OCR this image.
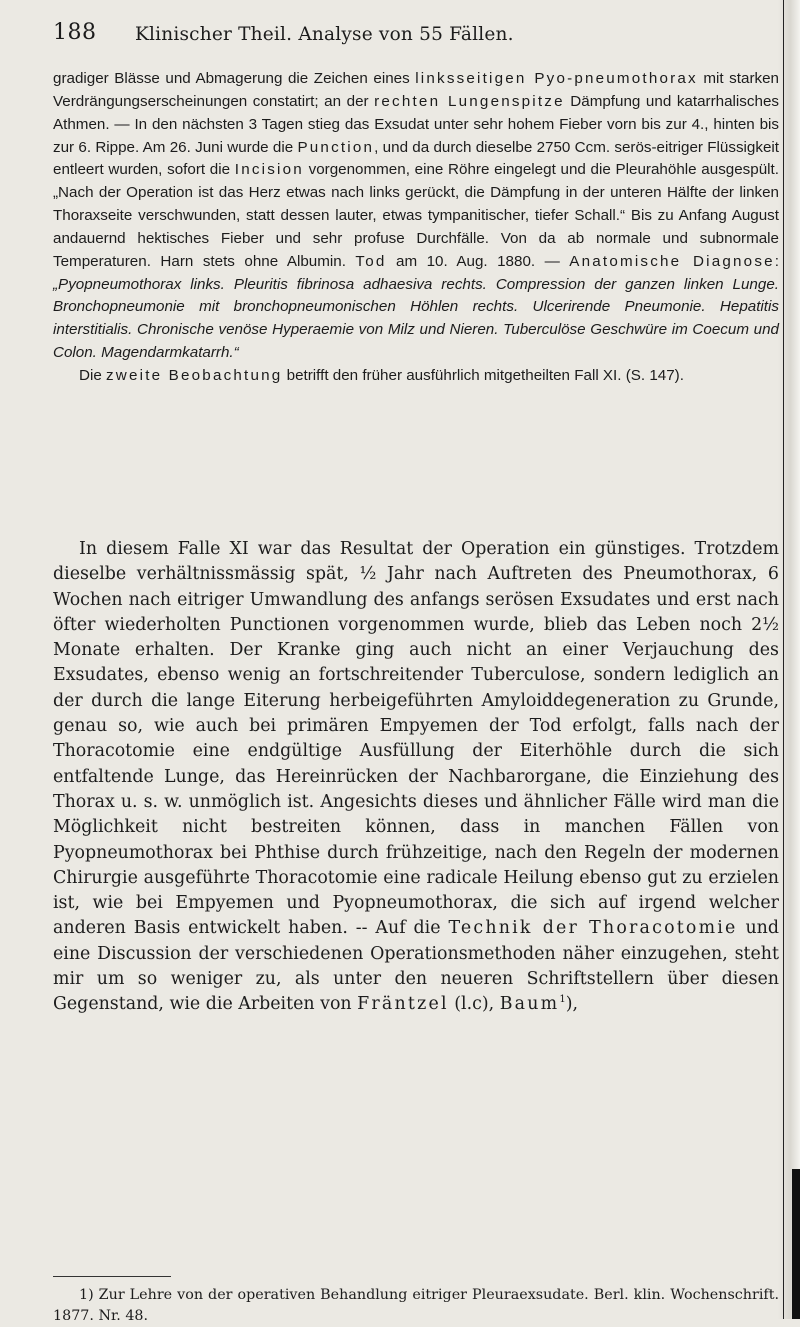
188 Klinischer Theil. Analyse von 55 Fällen.

gradiger Blässe und Abmagerung die Zeichen eines linksseitigen Pyo-pneumothorax mit starken Verdrängungserscheinungen constatirt; an der rechten Lungenspitze Dämpfung und katarrhalisches Athmen. — In den nächsten 3 Tagen stieg das Exsudat unter sehr hohem Fieber vorn bis zur 4., hinten bis zur 6. Rippe. Am 26. Juni wurde die Punction, und da durch dieselbe 2750 Ccm. serös-eitriger Flüssigkeit entleert wurden, sofort die Incision vorgenommen, eine Röhre eingelegt und die Pleurahöhle ausgespült. „Nach der Operation ist das Herz etwas nach links gerückt, die Dämpfung in der unteren Hälfte der linken Thoraxseite verschwunden, statt dessen lauter, etwas tympanitischer, tiefer Schall.“ Bis zu Anfang August andauernd hektisches Fieber und sehr profuse Durchfälle. Von da ab normale und subnormale Temperaturen. Harn stets ohne Albumin. Tod am 10. Aug. 1880. — Anatomische Diagnose: „Pyopneumothorax links. Pleuritis fibrinosa adhaesiva rechts. Compression der ganzen linken Lunge. Bronchopneumonie mit bronchopneumonischen Höhlen rechts. Ulcerirende Pneumonie. Hepatitis interstitialis. Chronische venöse Hyperaemie von Milz und Nieren. Tuberculöse Geschwüre im Coecum und Colon. Magendarmkatarrh.“

Die zweite Beobachtung betrifft den früher ausführlich mitgetheilten Fall XI. (S. 147).

In diesem Falle XI war das Resultat der Operation ein günstiges. Trotzdem dieselbe verhältnissmässig spät, ½ Jahr nach Auftreten des Pneumothorax, 6 Wochen nach eitriger Umwandlung des anfangs serösen Exsudates und erst nach öfter wiederholten Punctionen vorgenommen wurde, blieb das Leben noch 2½ Monate erhalten. Der Kranke ging auch nicht an einer Verjauchung des Exsudates, ebenso wenig an fortschreitender Tuberculose, sondern lediglich an der durch die lange Eiterung herbeigeführten Amyloiddegeneration zu Grunde, genau so, wie auch bei primären Empyemen der Tod erfolgt, falls nach der Thoracotomie eine endgültige Ausfüllung der Eiterhöhle durch die sich entfaltende Lunge, das Hereinrücken der Nachbarorgane, die Einziehung des Thorax u. s. w. unmöglich ist. Angesichts dieses und ähnlicher Fälle wird man die Möglichkeit nicht bestreiten können, dass in manchen Fällen von Pyopneumothorax bei Phthise durch frühzeitige, nach den Regeln der modernen Chirurgie ausgeführte Thoracotomie eine radicale Heilung ebenso gut zu erzielen ist, wie bei Empyemen und Pyopneumothorax, die sich auf irgend welcher anderen Basis entwickelt haben. -- Auf die Technik der Thoracotomie und eine Discussion der verschiedenen Operationsmethoden näher einzugehen, steht mir um so weniger zu, als unter den neueren Schriftstellern über diesen Gegenstand, wie die Arbeiten von Fräntzel (l.c), Baum$^1$),

1) Zur Lehre von der operativen Behandlung eitriger Pleuraexsudate. Berl. klin. Wochenschrift. 1877. Nr. 48.
